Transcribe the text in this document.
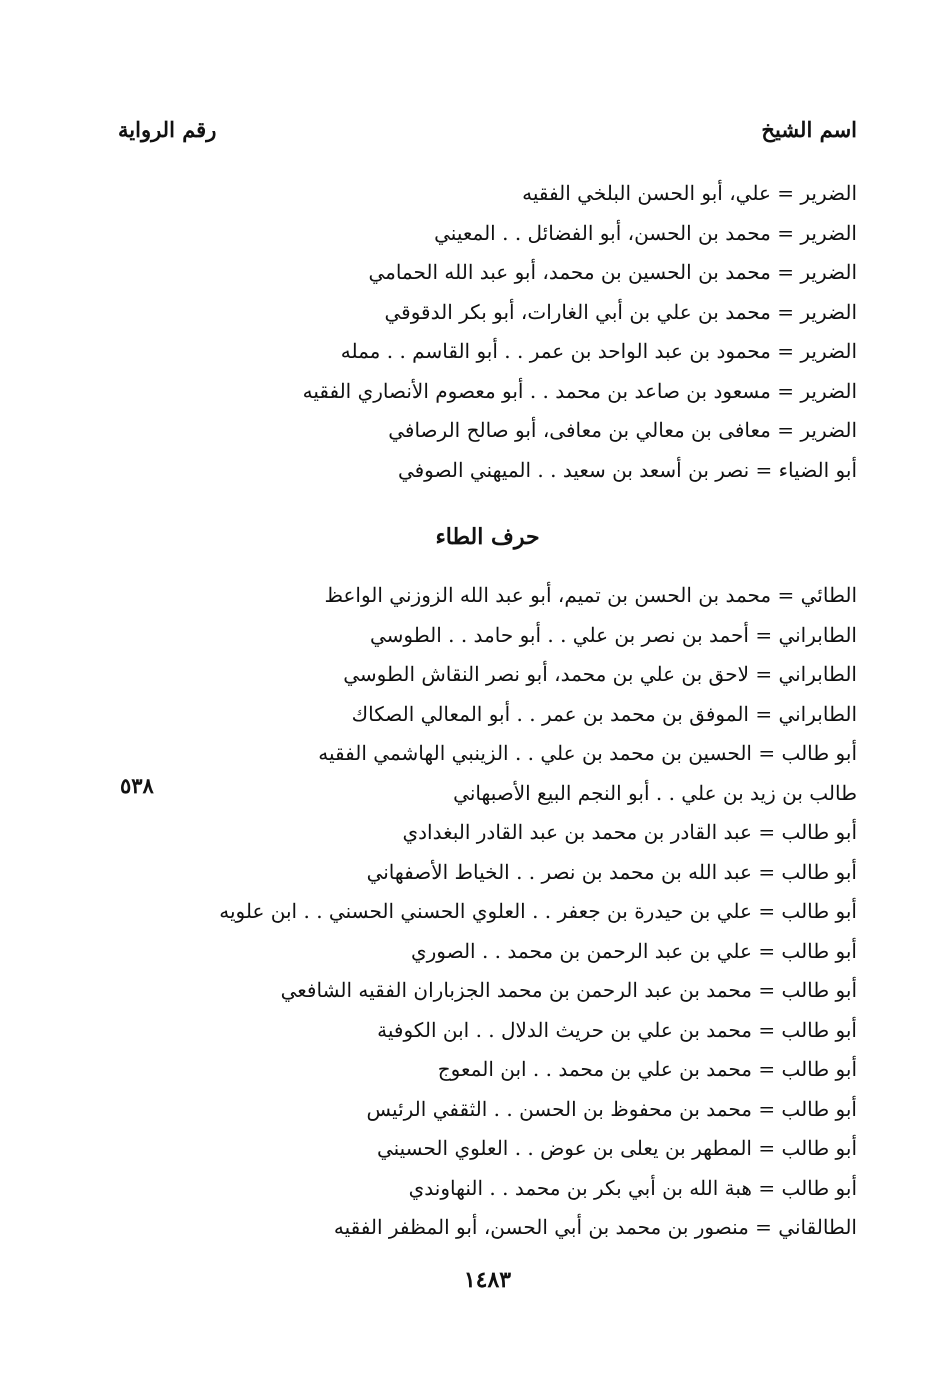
اسم الشيخ
رقم الرواية
الضرير = علي، أبو الحسن البلخي الفقيه
الضرير = محمد بن الحسن، أبو الفضائل . . المعيني
الضرير = محمد بن الحسين بن محمد، أبو عبد الله الحمامي
الضرير = محمد بن علي بن أبي الغارات، أبو بكر الدقوقي
الضرير = محمود بن عبد الواحد بن عمر . . أبو القاسم . . ممله
الضرير = مسعود بن صاعد بن محمد . . أبو معصوم الأنصاري الفقيه
الضرير = معافى بن معالي بن معافى، أبو صالح الرصافي
أبو الضياء = نصر بن أسعد بن سعيد . . الميهني الصوفي
حرف الطاء
الطائي = محمد بن الحسن بن تميم، أبو عبد الله الزوزني الواعظ
الطابراني = أحمد بن نصر بن علي . . أبو حامد . . الطوسي
الطابراني = لاحق بن علي بن محمد، أبو نصر النقاش الطوسي
الطابراني = الموفق بن محمد بن عمر . . أبو المعالي الصكاك
أبو طالب = الحسين بن محمد بن علي . . الزينبي الهاشمي الفقيه
طالب بن زيد بن علي . . أبو النجم البيع الأصبهاني
أبو طالب = عبد القادر بن محمد بن عبد القادر البغدادي
أبو طالب = عبد الله بن محمد بن نصر . . الخياط الأصفهاني
أبو طالب = علي بن حيدرة بن جعفر . . العلوي الحسني الحسني . . ابن علويه
أبو طالب = علي بن عبد الرحمن بن محمد . . الصوري
أبو طالب = محمد بن عبد الرحمن بن محمد الجزباران الفقيه الشافعي
أبو طالب = محمد بن علي بن حريث الدلال . . ابن الكوفية
أبو طالب = محمد بن علي بن محمد . . ابن المعوج
أبو طالب = محمد بن محفوظ بن الحسن . . الثقفي الرئيس
أبو طالب = المطهر بن يعلى بن عوض . . العلوي الحسيني
أبو طالب = هبة الله بن أبي بكر بن محمد . . النهاوندي
الطالقاني = منصور بن محمد بن أبي الحسن، أبو المظفر الفقيه
٥٣٨
١٤٨٣
